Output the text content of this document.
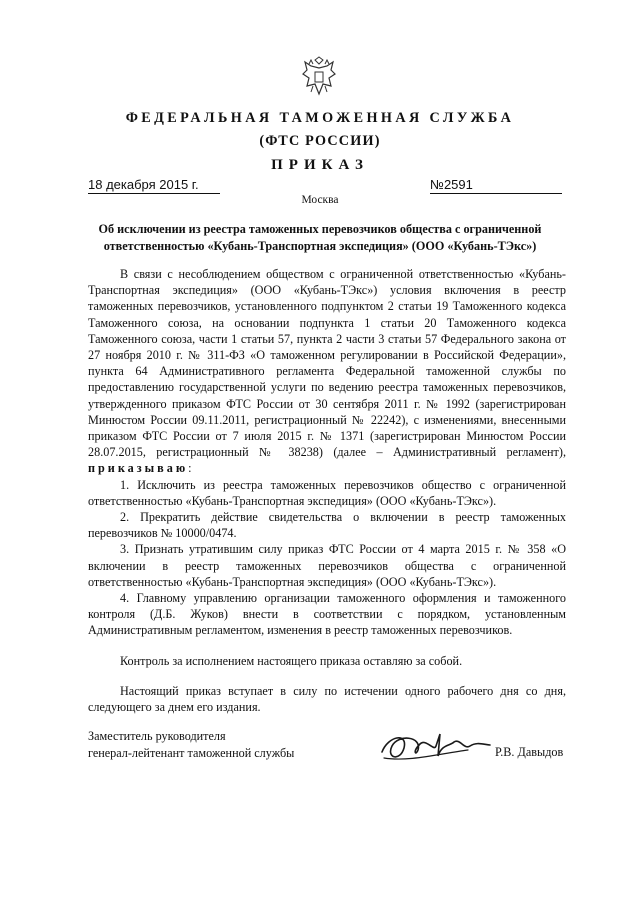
ФЕДЕРАЛЬНАЯ ТАМОЖЕННАЯ СЛУЖБА
(ФТС РОССИИ)
ПРИКАЗ
18 декабря 2015 г.	№2591
Москва
Об исключении из реестра таможенных перевозчиков общества с ограниченной ответственностью «Кубань-Транспортная экспедиция» (ООО «Кубань-ТЭкс»)

В связи с несоблюдением обществом с ограниченной ответственностью «Кубань-Транспортная экспедиция» (ООО «Кубань-ТЭкс») условия включения в реестр таможенных перевозчиков, установленного подпунктом 2 статьи 19 Таможенного кодекса Таможенного союза, на основании подпункта 1 статьи 20 Таможенного кодекса Таможенного союза, части 1 статьи 57, пункта 2 части 3 статьи 57 Федерального закона от 27 ноября 2010 г. № 311-ФЗ «О таможенном регулировании в Российской Федерации», пункта 64 Административного регламента Федеральной таможенной службы по предоставлению государственной услуги по ведению реестра таможенных перевозчиков, утвержденного приказом ФТС России от 30 сентября 2011 г. № 1992 (зарегистрирован Минюстом России 09.11.2011, регистрационный № 22242), с изменениями, внесенными приказом ФТС России от 7 июля 2015 г. № 1371 (зарегистрирован Минюстом России 28.07.2015, регистрационный № 38238) (далее – Административный регламент), приказываю:

1. Исключить из реестра таможенных перевозчиков общество с ограниченной ответственностью «Кубань-Транспортная экспедиция» (ООО «Кубань-ТЭкс»).

2. Прекратить действие свидетельства о включении в реестр таможенных перевозчиков № 10000/0474.

3. Признать утратившим силу приказ ФТС России от 4 марта 2015 г. № 358 «О включении в реестр таможенных перевозчиков общества с ограниченной ответственностью «Кубань-Транспортная экспедиция» (ООО «Кубань-ТЭкс»).

4. Главному управлению организации таможенного оформления и таможенного контроля (Д.Б. Жуков) внести в соответствии с порядком, установленным Административным регламентом, изменения в реестр таможенных перевозчиков.

Контроль за исполнением настоящего приказа оставляю за собой.

Настоящий приказ вступает в силу по истечении одного рабочего дня со дня, следующего за днем его издания.

Заместитель руководителя
генерал-лейтенант таможенной службы	Р.В. Давыдов
